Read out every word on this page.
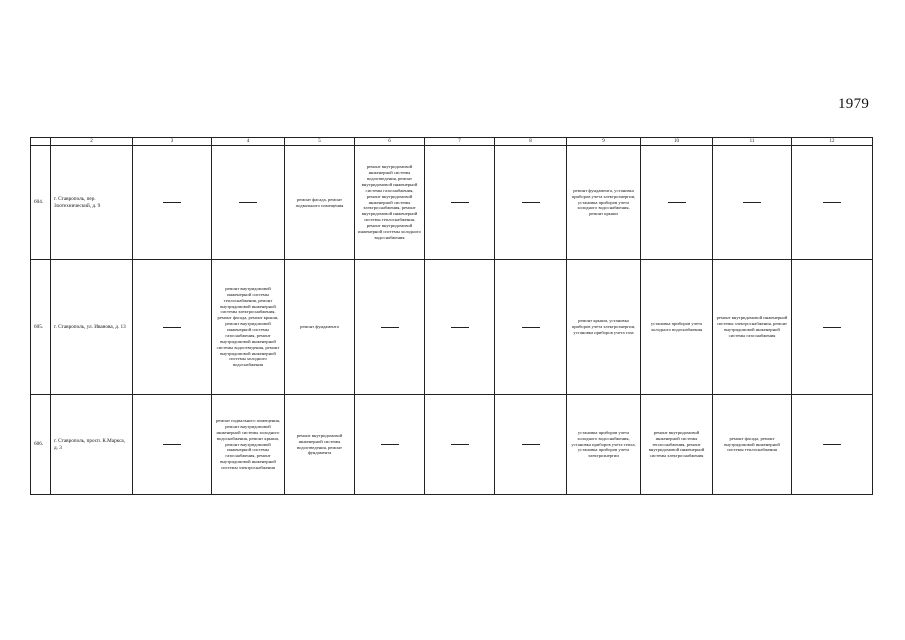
1979
	2	3	4	5	6	7	8	9	10	11	12
604.	г. Ставрополь, пер. Зоотехнический, д. 9			ремонт фасада, ремонт подвального помещения	ремонт внутридомовой инженерной системы водоотведения, ремонт внутридомовой инженерной системы газоснабжения, ремонт внутридомовой инженерной системы электроснабжения, ремонт внутридомовой инженерной системы теплоснабжения, ремонт внутридомовой инженерной системы холодного водоснабжения			ремонт фундамента, установка приборов учета электроэнергии, установка приборов учета холодного водоснабжения, ремонт крыши			
605.	г. Ставрополь, ул. Иванова, д. 13		ремонт внутридомовой инженерной системы теплоснабжения, ремонт внутридомовой инженерной системы электроснабжения, ремонт фасада, ремонт крыши, ремонт внутридомовой инженерной системы газоснабжения, ремонт внутридомовой инженерной системы водоотведения, ремонт внутридомовой инженерной системы холодного водоснабжения	ремонт фундамента				ремонт крыши, установка приборов учета электроэнергии, установка приборов учета газа	установка приборов учета холодного водоснабжения	ремонт внутридомовой инженерной системы электроснабжения, ремонт внутридомовой инженерной системы газоснабжения	
606.	г. Ставрополь, просп. К.Маркса, д. 3		ремонт подвального помещения, ремонт внутридомовой инженерной системы холодного водоснабжения, ремонт крыши, ремонт внутридомовой инженерной системы газоснабжения, ремонт внутридомовой инженерной системы электроснабжения	ремонт внутридомовой инженерной системы водоотведения, ремонт фундамента				установка приборов учета холодного водоснабжения, установка приборов учета тепла, установка приборов учета электроэнергии	ремонт внутридомовой инженерной системы теплоснабжения, ремонт внутридомовой инженерной системы электроснабжения	ремонт фасада, ремонт внутридомовой инженерной системы теплоснабжения	
